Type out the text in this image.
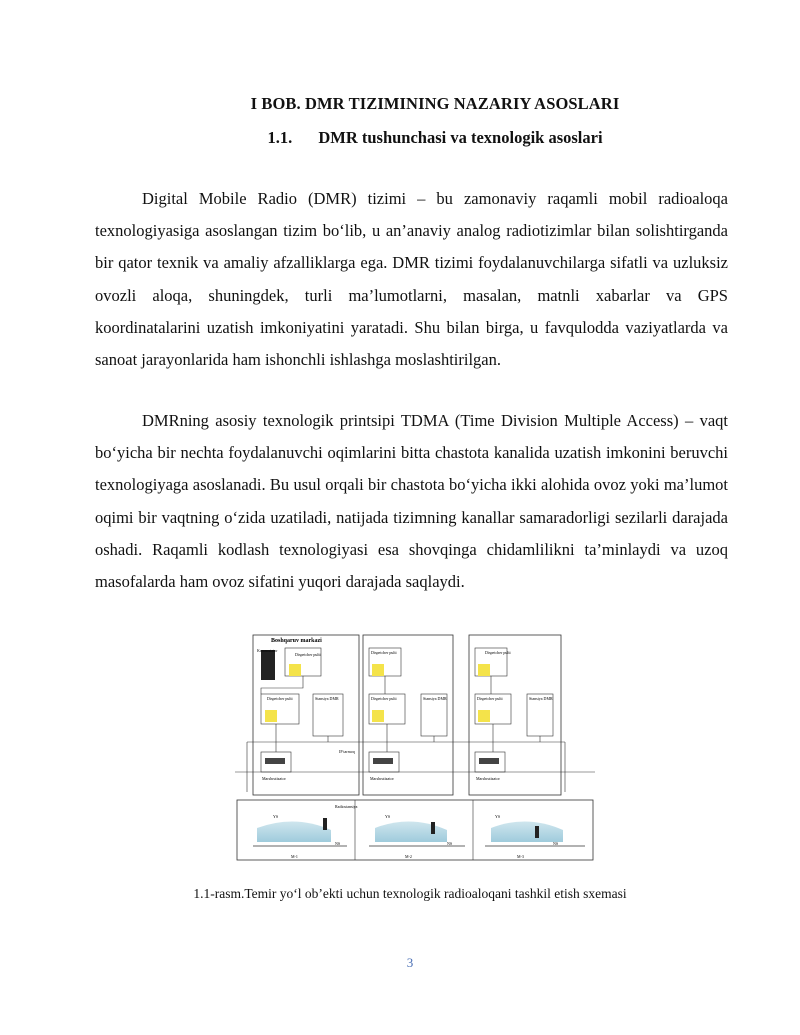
I BOB. DMR TIZIMINING NAZARIY ASOSLARI
1.1. DMR tushunchasi va texnologik asoslari

Digital Mobile Radio (DMR) tizimi – bu zamonaviy raqamli mobil radioaloqa texnologiyasiga asoslangan tizim bo‘lib, u an’anaviy analog radiotizimlar bilan solishtirganda bir qator texnik va amaliy afzalliklarga ega. DMR tizimi foydalanuvchilarga sifatli va uzluksiz ovozli aloqa, shuningdek, turli ma’lumotlarni, masalan, matnli xabarlar va GPS koordinatalarini uzatish imkoniyatini yaratadi. Shu bilan birga, u favqulodda vaziyatlarda va sanoat jarayonlarida ham ishonchli ishlashga moslashtirilgan.

DMRning asosiy texnologik printsipi TDMA (Time Division Multiple Access) – vaqt bo‘yicha bir nechta foydalanuvchi oqimlarini bitta chastota kanalida uzatish imkonini beruvchi texnologiyaga asoslanadi. Bu usul orqali bir chastota bo‘yicha ikki alohida ovoz yoki ma’lumot oqimi bir vaqtning o‘zida uzatiladi, natijada tizimning kanallar samaradorligi sezilarli darajada oshadi. Raqamli kodlash texnologiyasi esa shovqinga chidamlilikni ta’minlaydi va uzoq masofalarda ham ovoz sifatini yuqori darajada saqlaydi.

Boshqaruv markazi
Kommutator
Dispetcher pulti
Dispetcher pulti	Stansiya DMR
Marshrutizator
Dispetcher pulti
Dispetcher pulti	Stansiya DMR
Marshrutizator
Dispetcher pulti
Dispetcher pulti	Stansiya DMR
Marshrutizator
IP tarmoq
YS	YS	YS
NS	NS	NS
Radiostansiya
M-1	M-2	M-3
1.1-rasm.Temir yo‘l ob’ekti uchun texnologik radioaloqani tashkil etish sxemasi
3
